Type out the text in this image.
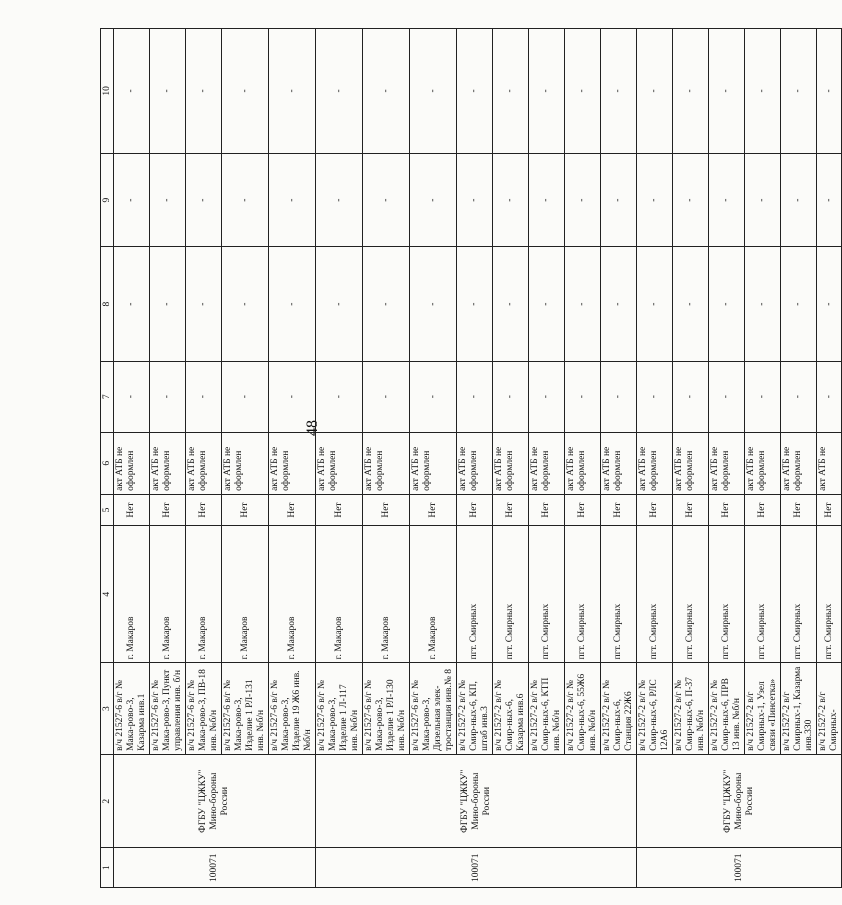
48
1	2	3	4	5	6	7	8	9	10
100071	ФГБУ "ЦЖКУ" Мино-бороны России	в/ч 21527-6 в/г № Мака-рово-3, Казарма инв.1	г. Макаров	Нет	акт АТБ не оформлен	-	-	-	-
		в/ч 21527-6 в/г № Мака-рово-3, Пункт управления инв. б/н	г. Макаров	Нет	акт АТБ не оформлен	-	-	-	-
		в/ч 21527-6 в/г № Мака-рово-3, ПВ-18 инв. №б/н	г. Макаров	Нет	акт АТБ не оформлен	-	-	-	-
		в/ч 21527-6 в/г № Мака-рово-3, Изделие 1 РЛ-131 инв. №б/н	г. Макаров	Нет	акт АТБ не оформлен	-	-	-	-
		в/ч 21527-6 в/г № Мака-рово-3, Изделие 19 Ж6 инв. №б/н	г. Макаров	Нет	акт АТБ не оформлен	-	-	-	-
100071	ФГБУ "ЦЖКУ" Мино-бороны России	в/ч 21527-6 в/г № Мака-рово-3, Изделие 1 Л-117 инв. №б/н	г. Макаров	Нет	акт АТБ не оформлен	-	-	-	-
		в/ч 21527-6 в/г № Мака-рово-3, Изделие 1 РЛ-130 инв. №б/н	г. Макаров	Нет	акт АТБ не оформлен	-	-	-	-
		в/ч 21527-6 в/г № Мака-рово-3, Дизельная элек-тростанция инв.№ 8	г. Макаров	Нет	акт АТБ не оформлен	-	-	-	-
		в/ч 21527-2 в/г № Смир-ных-6, КП, штаб инв.3	пгт. Смирных	Нет	акт АТБ не оформлен	-	-	-	-
		в/ч 21527-2 в/г № Смир-ных-6, Казарма инв.6	пгт. Смирных	Нет	акт АТБ не оформлен	-	-	-	-
		в/ч 21527-2 в/г № Смир-ных-6, КТП инв. №б/н	пгт. Смирных	Нет	акт АТБ не оформлен	-	-	-	-
		в/ч 21527-2 в/г № Смир-ных-6, 55Ж6 инв. №б/н	пгт. Смирных	Нет	акт АТБ не оформлен	-	-	-	-
		в/ч 21527-2 в/г № Смир-ных-6, Станция 22Ж6	пгт. Смирных	Нет	акт АТБ не оформлен	-	-	-	-
100071	ФГБУ "ЦЖКУ" Мино-бороны России	в/ч 21527-2 в/г № Смир-ных-6, РЛС 12А6	пгт. Смирных	Нет	акт АТБ не оформлен	-	-	-	-
		в/ч 21527-2 в/г № Смир-ных-6, П-37 инв. №б/н	пгт. Смирных	Нет	акт АТБ не оформлен	-	-	-	-
		в/ч 21527-2 в/г № Смир-ных-6, ПРВ 13 инв. №б/н	пгт. Смирных	Нет	акт АТБ не оформлен	-	-	-	-
		в/ч 21527-2 в/г Смирных-1, Узел связи «Пинсетка»	пгт. Смирных	Нет	акт АТБ не оформлен	-	-	-	-
		в/ч 21527-2 в/г Смирных-1, Казарма инв.330	пгт. Смирных	Нет	акт АТБ не оформлен	-	-	-	-
		в/ч 21527-2 в/г Смирных-	пгт. Смирных	Нет	акт АТБ не	-	-	-	-
